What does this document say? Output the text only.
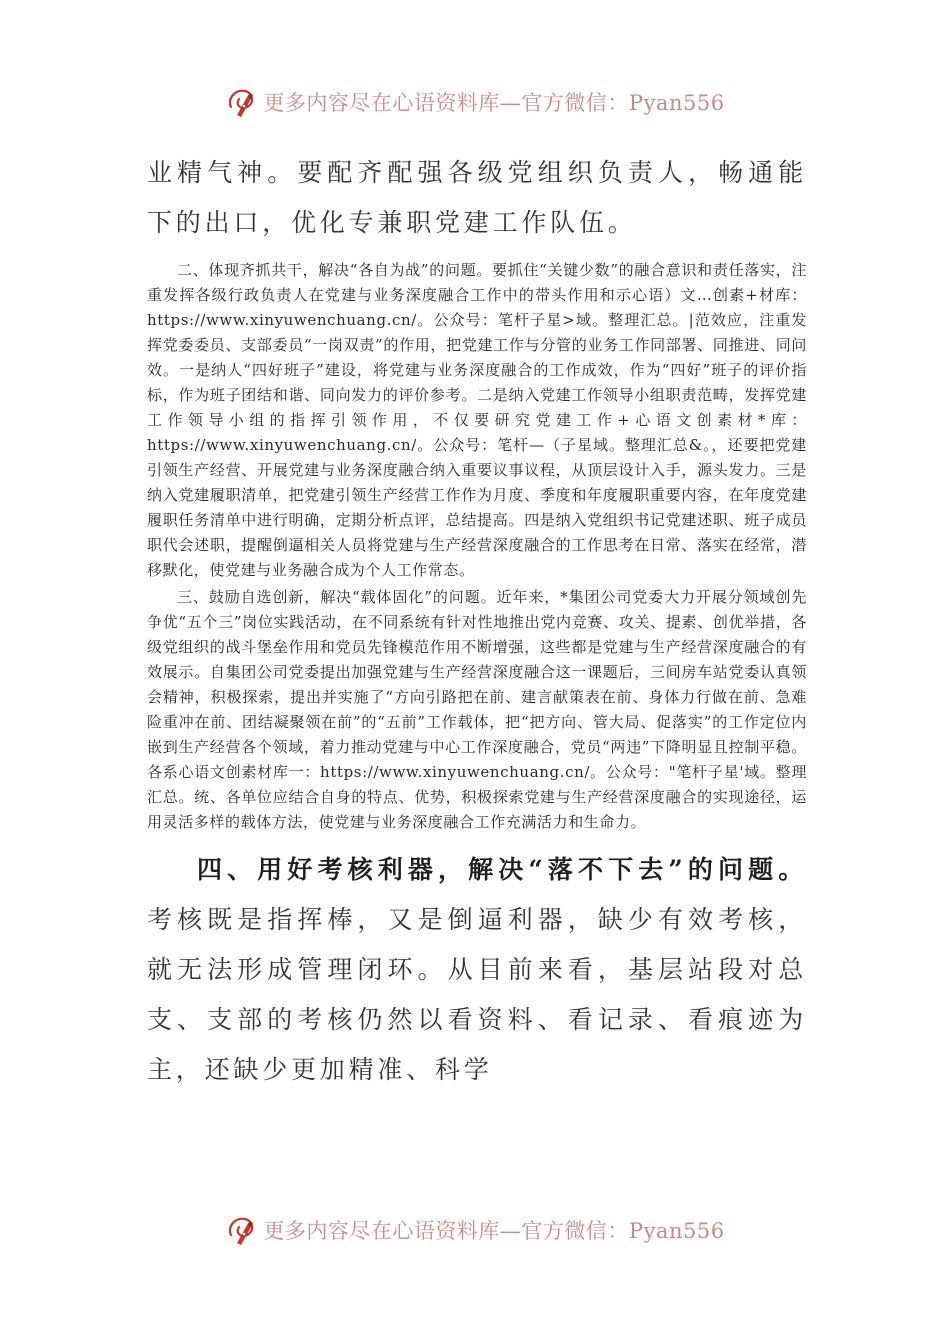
更多内容尽在心语资料库—官方微信：Pyan556

业精气神。要配齐配强各级党组织负责人，畅通能下的出口，优化专兼职党建工作队伍。

二、体现齐抓共干，解决“各自为战”的问题。要抓住“关键少数”的融合意识和责任落实，注重发挥各级行政负责人在党建与业务深度融合工作中的带头作用和示心语）文…创素+材库：https://www.xinyuwenchuang.cn/。公众号：笔杆子星>域。整理汇总。|范效应，注重发挥党委委员、支部委员“一岗双责”的作用，把党建工作与分管的业务工作同部署、同推进、同问效。一是纳人“四好班子”建设，将党建与业务深度融合的工作成效，作为“四好”班子的评价指标，作为班子团结和谐、同向发力的评价参考。二是纳入党建工作领导小组职责范畴，发挥党建工作领导小组的指挥引领作用，不仅要研究党建工作+心语文创素材*库：https://www.xinyuwenchuang.cn/。公众号：笔杆—（子星域。整理汇总&。，还要把党建引领生产经营、开展党建与业务深度融合纳入重要议事议程，从顶层设计入手，源头发力。三是纳入党建履职清单，把党建引领生产经营工作作为月度、季度和年度履职重要内容，在年度党建履职任务清单中进行明确，定期分析点评，总结提高。四是纳入党组织书记党建述职、班子成员职代会述职，提醒倒逼相关人员将党建与生产经营深度融合的工作思考在日常、落实在经常，潜移默化，使党建与业务融合成为个人工作常态。

三、鼓励自选创新，解决“载体固化”的问题。近年来，*集团公司党委大力开展分领域创先争优“五个三”岗位实践活动，在不同系统有针对性地推出党内竞赛、攻关、提素、创优举措，各级党组织的战斗堡垒作用和党员先锋模范作用不断增强，这些都是党建与生产经营深度融合的有效展示。自集团公司党委提出加强党建与生产经营深度融合这一课题后，三间房车站党委认真领会精神，积极探索，提出并实施了“方向引路把在前、建言献策表在前、身体力行做在前、急难险重冲在前、团结凝聚领在前”的“五前”工作载体，把“把方向、管大局、促落实”的工作定位内嵌到生产经营各个领域，着力推动党建与中心工作深度融合，党员“两违”下降明显且控制平稳。各系心语文创素材库一：https://www.xinyuwenchuang.cn/。公众号："笔杆子星'域。整理汇总。统、各单位应结合自身的特点、优势，积极探索党建与生产经营深度融合的实现途径，运用灵活多样的载体方法，使党建与业务深度融合工作充满活力和生命力。

四、用好考核利器，解决“落不下去”的问题。考核既是指挥棒，又是倒逼利器，缺少有效考核，就无法形成管理闭环。从目前来看，基层站段对总支、支部的考核仍然以看资料、看记录、看痕迹为主，还缺少更加精准、科学

更多内容尽在心语资料库—官方微信：Pyan556
